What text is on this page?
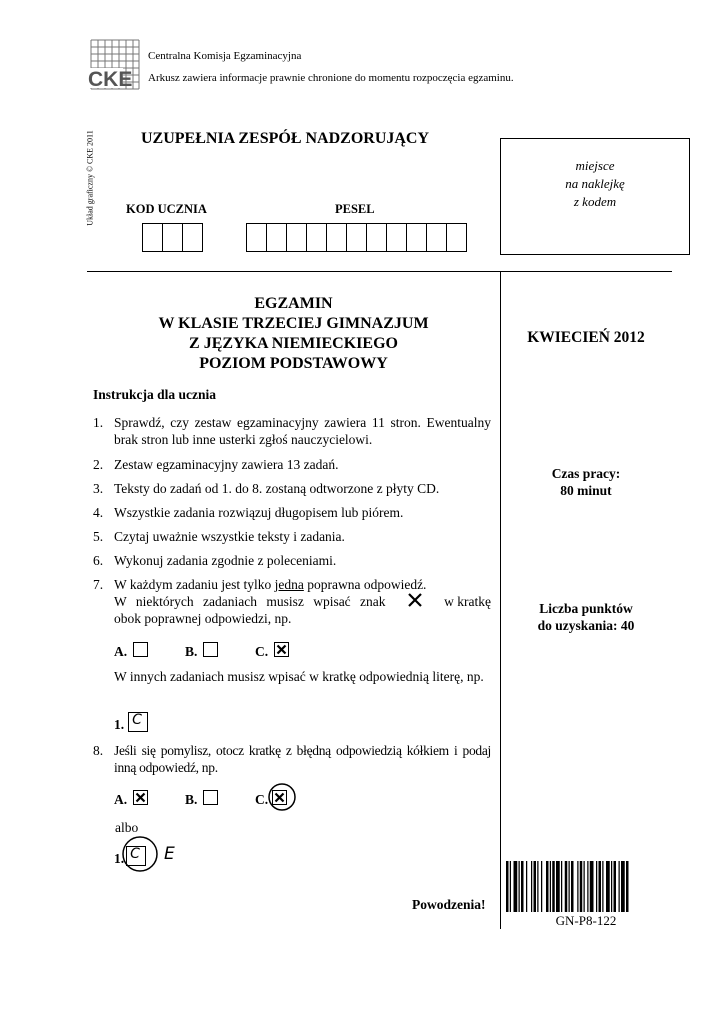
CKE
Centralna Komisja Egzaminacyjna
Arkusz zawiera informacje prawnie chronione do momentu rozpoczęcia egzaminu.
Układ graficzny © CKE 2011	UZUPEŁNIA ZESPÓŁ NADZORUJĄCY
KOD UCZNIA	PESEL
miejsce
na naklejkę
z kodem
EGZAMIN
W KLASIE TRZECIEJ GIMNAZJUM
Z JĘZYKA NIEMIECKIEGO
POZIOM PODSTAWOWY
KWIECIEŃ 2012
Czas pracy:
80 minut
Liczba punktów
do uzyskania: 40
Instrukcja dla ucznia
1. Sprawdź, czy zestaw egzaminacyjny zawiera 11 stron. Ewentualny brak stron lub inne usterki zgłoś nauczycielowi.
2. Zestaw egzaminacyjny zawiera 13 zadań.
3. Teksty do zadań od 1. do 8. zostaną odtworzone z płyty CD.
4. Wszystkie zadania rozwiązuj długopisem lub piórem.
5. Czytaj uważnie wszystkie teksty i zadania.
6. Wykonuj zadania zgodnie z poleceniami.
7. W każdym zadaniu jest tylko jedna poprawna odpowiedź.
W niektórych zadaniach musisz wpisać znak	w kratkę
obok poprawnej odpowiedzi, np.
A.	B.	C.
W innych zadaniach musisz wpisać w kratkę odpowiednią literę, np.
1. C
8. Jeśli się pomylisz, otocz kratkę z błędną odpowiedzią kółkiem i podaj inną odpowiedź, np.
A.	B.	C.
albo
1. C E
Powodzenia!
GN-P8-122
